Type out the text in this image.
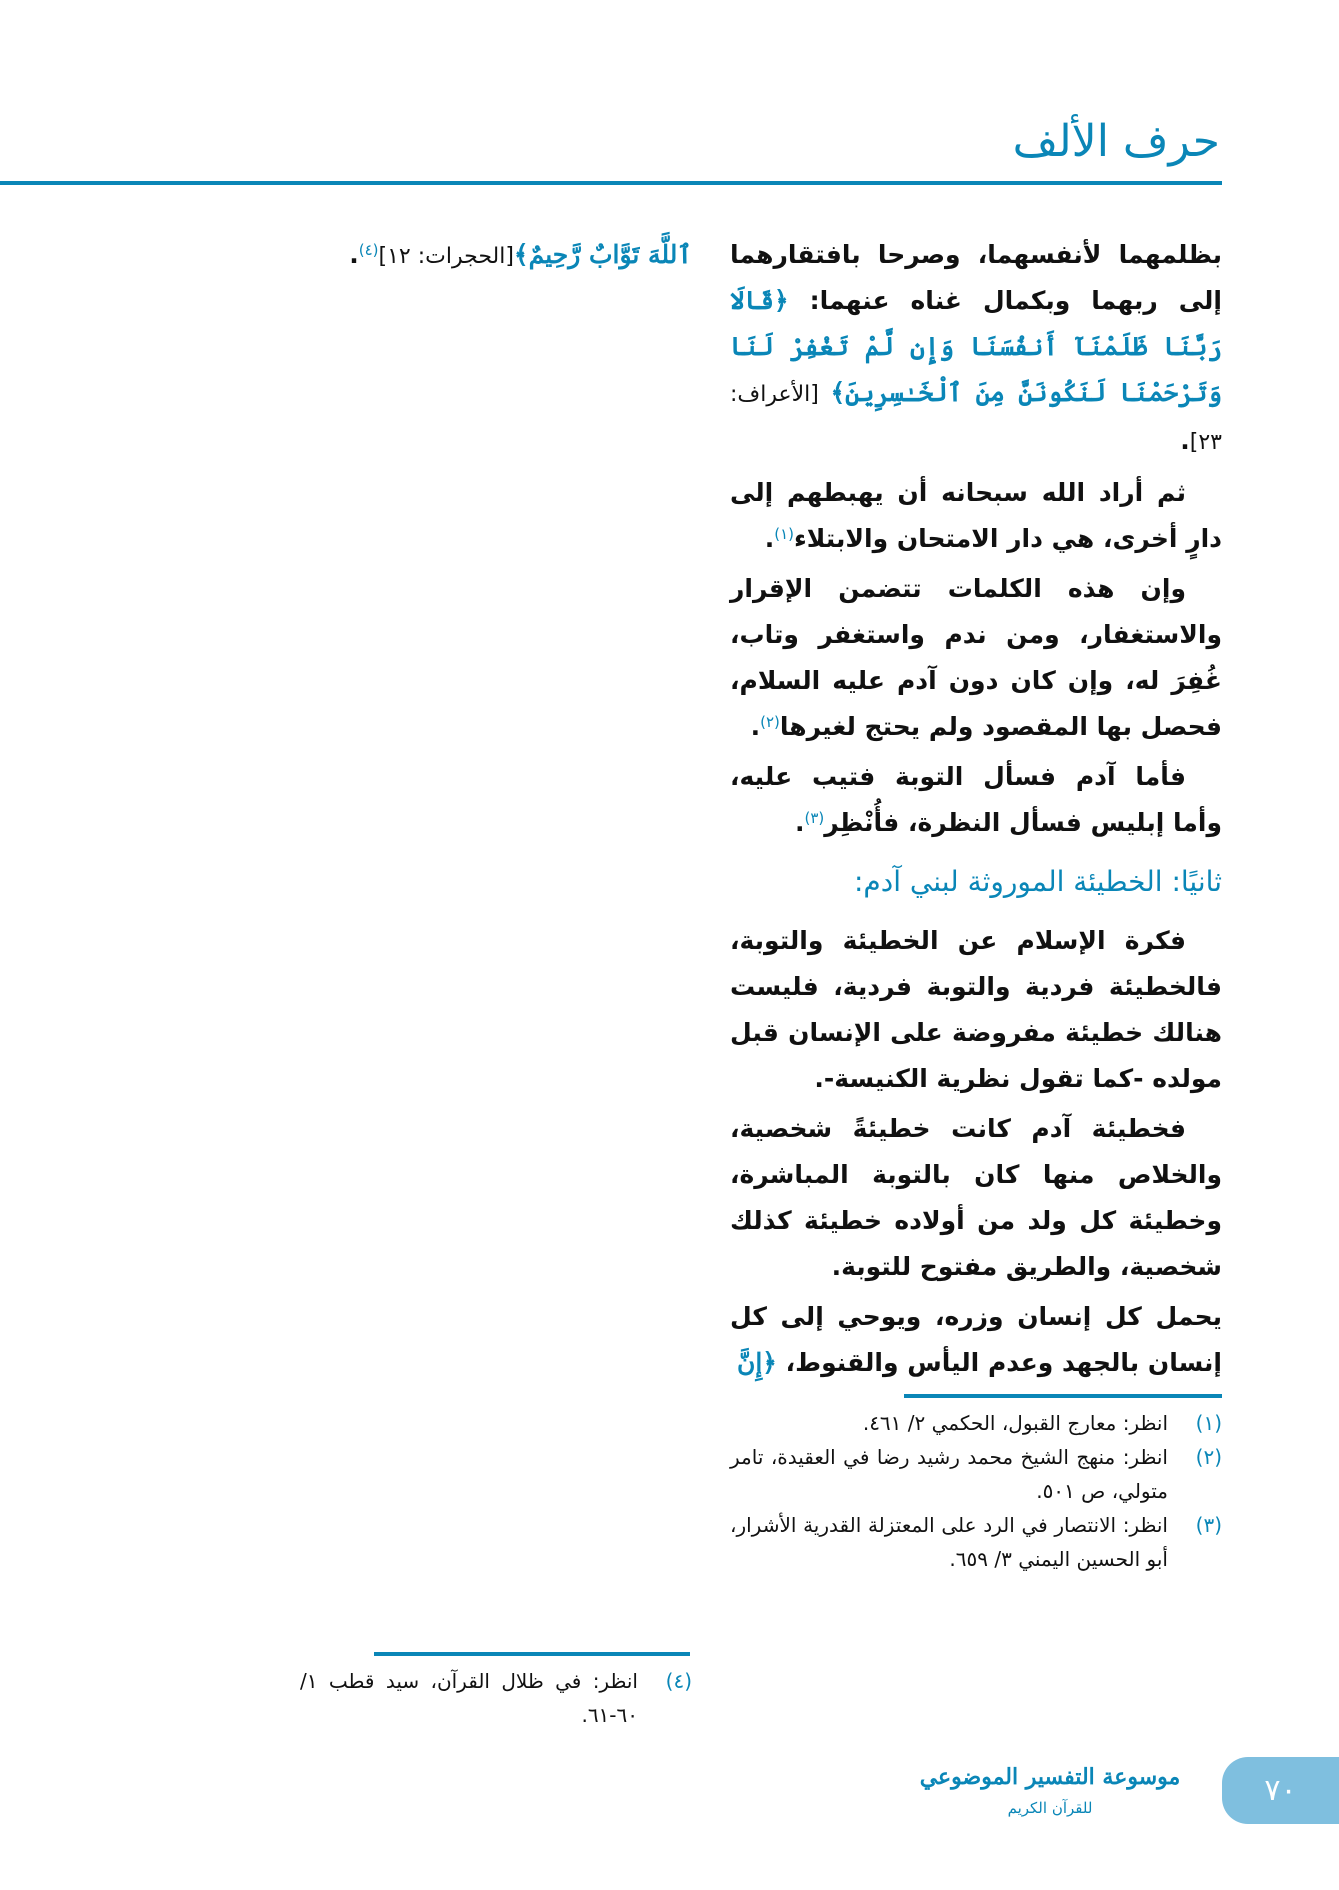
حرف الألف

ٱللَّهَ تَوَّابٌ رَّحِيمٌ﴾[الحجرات: ١٢]$^{(٤)}$.

(٤)
انظر: في ظلال القرآن، سيد قطب ١/ ٦٠-٦١.

بظلمهما لأنفسهما، وصرحا بافتقارهما إلى ربهما وبكمال غناه عنهما: ﴿قَالَا رَبَّنَا ظَلَمْنَآ أَنفُسَنَا وَإِن لَّمْ تَغْفِرْ لَنَا وَتَرْحَمْنَا لَنَكُونَنَّ مِنَ ٱلْخَـٰسِرِينَ﴾ [الأعراف: ٢٣].

ثم أراد الله سبحانه أن يهبطهم إلى دارٍ أخرى، هي دار الامتحان والابتلاء$^{(١)}$.

وإن هذه الكلمات تتضمن الإقرار والاستغفار، ومن ندم واستغفر وتاب، غُفِرَ له، وإن كان دون آدم عليه السلام، فحصل بها المقصود ولم يحتج لغيرها$^{(٢)}$.

فأما آدم فسأل التوبة فتيب عليه، وأما إبليس فسأل النظرة، فأُنْظِر$^{(٣)}$.

ثانيًا: الخطيئة الموروثة لبني آدم:

فكرة الإسلام عن الخطيئة والتوبة، فالخطيئة فردية والتوبة فردية، فليست هنالك خطيئة مفروضة على الإنسان قبل مولده -كما تقول نظرية الكنيسة-.

فخطيئة آدم كانت خطيئةً شخصية، والخلاص منها كان بالتوبة المباشرة، وخطيئة كل ولد من أولاده خطيئة كذلك شخصية، والطريق مفتوح للتوبة.

يحمل كل إنسان وزره، ويوحي إلى كل إنسان بالجهد وعدم اليأس والقنوط، ﴿إِنَّ

(١)
انظر: معارج القبول، الحكمي ٢/ ٤٦١.
(٢)
انظر: منهج الشيخ محمد رشيد رضا في العقيدة، تامر متولي، ص ٥٠١.
(٣)
انظر: الانتصار في الرد على المعتزلة القدرية الأشرار، أبو الحسين اليمني ٣/ ٦٥٩.
موسوعة التفسير الموضوعي
للقرآن الكريم	٧٠
